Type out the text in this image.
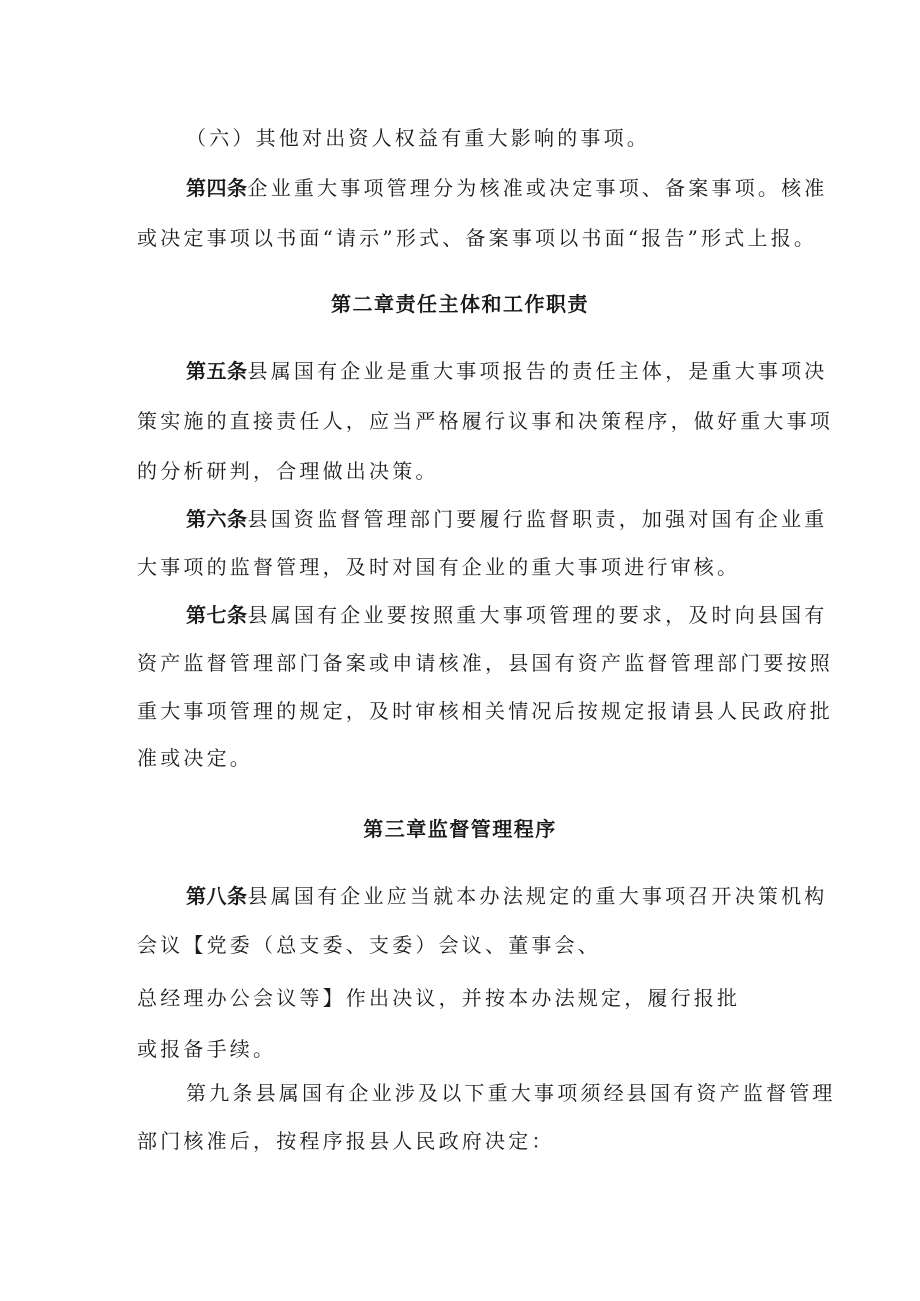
（六）其他对出资人权益有重大影响的事项。
第四条企业重大事项管理分为核准或决定事项、备案事项。核准
或决定事项以书面“请示”形式、备案事项以书面“报告”形式上报。
第二章责任主体和工作职责
第五条县属国有企业是重大事项报告的责任主体，是重大事项决
策实施的直接责任人，应当严格履行议事和决策程序，做好重大事项
的分析研判，合理做出决策。
第六条县国资监督管理部门要履行监督职责，加强对国有企业重
大事项的监督管理，及时对国有企业的重大事项进行审核。
第七条县属国有企业要按照重大事项管理的要求，及时向县国有
资产监督管理部门备案或申请核准，县国有资产监督管理部门要按照
重大事项管理的规定，及时审核相关情况后按规定报请县人民政府批
准或决定。
第三章监督管理程序
第八条县属国有企业应当就本办法规定的重大事项召开决策机构
会议【党委（总支委、支委）会议、董事会、
总经理办公会议等】作出决议，并按本办法规定，履行报批
或报备手续。
第九条县属国有企业涉及以下重大事项须经县国有资产监督管理
部门核准后，按程序报县人民政府决定：
